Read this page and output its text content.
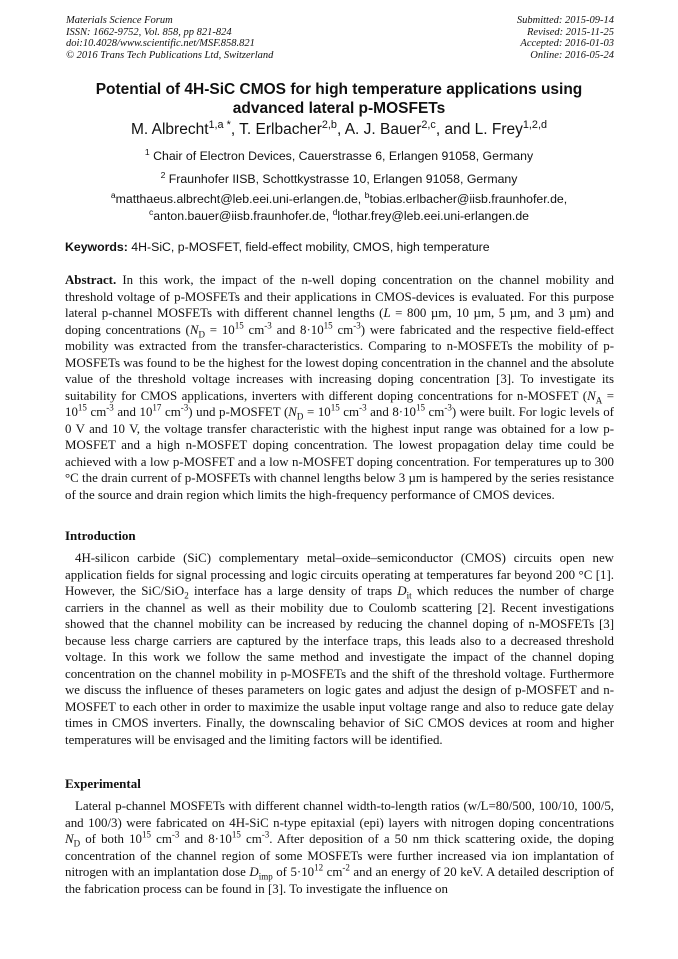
Materials Science Forum
ISSN: 1662-9752, Vol. 858, pp 821-824
doi:10.4028/www.scientific.net/MSF.858.821
© 2016 Trans Tech Publications Ltd, Switzerland
Submitted: 2015-09-14
Revised: 2015-11-25
Accepted: 2016-01-03
Online: 2016-05-24
Potential of 4H-SiC CMOS for high temperature applications using
advanced lateral p-MOSFETs
M. Albrecht$^{1,a *}$, T. Erlbacher$^{2,b}$, A. J. Bauer$^{2,c}$, and L. Frey$^{1,2,d}$
$^1$ Chair of Electron Devices, Cauerstrasse 6, Erlangen 91058, Germany
$^2$ Fraunhofer IISB, Schottkystrasse 10, Erlangen 91058, Germany
$^a$matthaeus.albrecht@leb.eei.uni-erlangen.de, $^b$tobias.erlbacher@iisb.fraunhofer.de,
$^c$anton.bauer@iisb.fraunhofer.de, $^d$lothar.frey@leb.eei.uni-erlangen.de
Keywords: 4H-SiC, p-MOSFET, field-effect mobility, CMOS, high temperature
Abstract. In this work, the impact of the n-well doping concentration on the channel mobility and threshold voltage of p-MOSFETs and their applications in CMOS-devices is evaluated. For this purpose lateral p-channel MOSFETs with different channel lengths (L = 800 µm, 10 µm, 5 µm, and 3 µm) and doping concentrations ($N_D = 10^{15}$ $cm^{-3}$ and $8\cdot 10^{15}$ $cm^{-3}$) were fabricated and the respective field-effect mobility was extracted from the transfer-characteristics. Comparing to n-MOSFETs the mobility of p-MOSFETs was found to be the highest for the lowest doping concentration in the channel and the absolute value of the threshold voltage increases with increasing doping concentration [3]. To investigate its suitability for CMOS applications, inverters with different doping concentrations for n-MOSFET ($N_A = 10^{15}$ $cm^{-3}$ and $10^{17}$ $cm^{-3}$) und p-MOSFET ($N_D = 10^{15}$ $cm^{-3}$ and $8\cdot 10^{15}$ $cm^{-3}$) were built. For logic levels of 0 V and 10 V, the voltage transfer characteristic with the highest input range was obtained for a low p-MOSFET and a high n-MOSFET doping concentration. The lowest propagation delay time could be achieved with a low p-MOSFET and a low n-MOSFET doping concentration. For temperatures up to 300 °C the drain current of p-MOSFETs with channel lengths below 3 µm is hampered by the series resistance of the source and drain region which limits the high-frequency performance of CMOS devices.
Introduction
4H-silicon carbide (SiC) complementary metal–oxide–semiconductor (CMOS) circuits open new application fields for signal processing and logic circuits operating at temperatures far beyond 200 °C [1]. However, the SiC/SiO$_2$ interface has a large density of traps $D_{it}$ which reduces the number of charge carriers in the channel as well as their mobility due to Coulomb scattering [2]. Recent investigations showed that the channel mobility can be increased by reducing the channel doping of n-MOSFETs [3] because less charge carriers are captured by the interface traps, this leads also to a decreased threshold voltage. In this work we follow the same method and investigate the impact of the channel doping concentration on the channel mobility in p-MOSFETs and the shift of the threshold voltage. Furthermore we discuss the influence of theses parameters on logic gates and adjust the design of p-MOSFET and n-MOSFET to each other in order to maximize the usable input voltage range and also to reduce gate delay times in CMOS inverters. Finally, the downscaling behavior of SiC CMOS devices at room and higher temperatures will be envisaged and the limiting factors will be identified.
Experimental
Lateral p-channel MOSFETs with different channel width-to-length ratios (w/L=80/500, 100/10, 100/5, and 100/3) were fabricated on 4H-SiC n-type epitaxial (epi) layers with nitrogen doping concentrations $N_D$ of both $10^{15}$ $cm^{-3}$ and $8\cdot 10^{15}$ $cm^{-3}$. After deposition of a 50 nm thick scattering oxide, the doping concentration of the channel region of some MOSFETs were further increased via ion implantation of nitrogen with an implantation dose $D_{imp}$ of $5\cdot 10^{12}$ $cm^{-2}$ and an energy of 20 keV. A detailed description of the fabrication process can be found in [3]. To investigate the influence on
